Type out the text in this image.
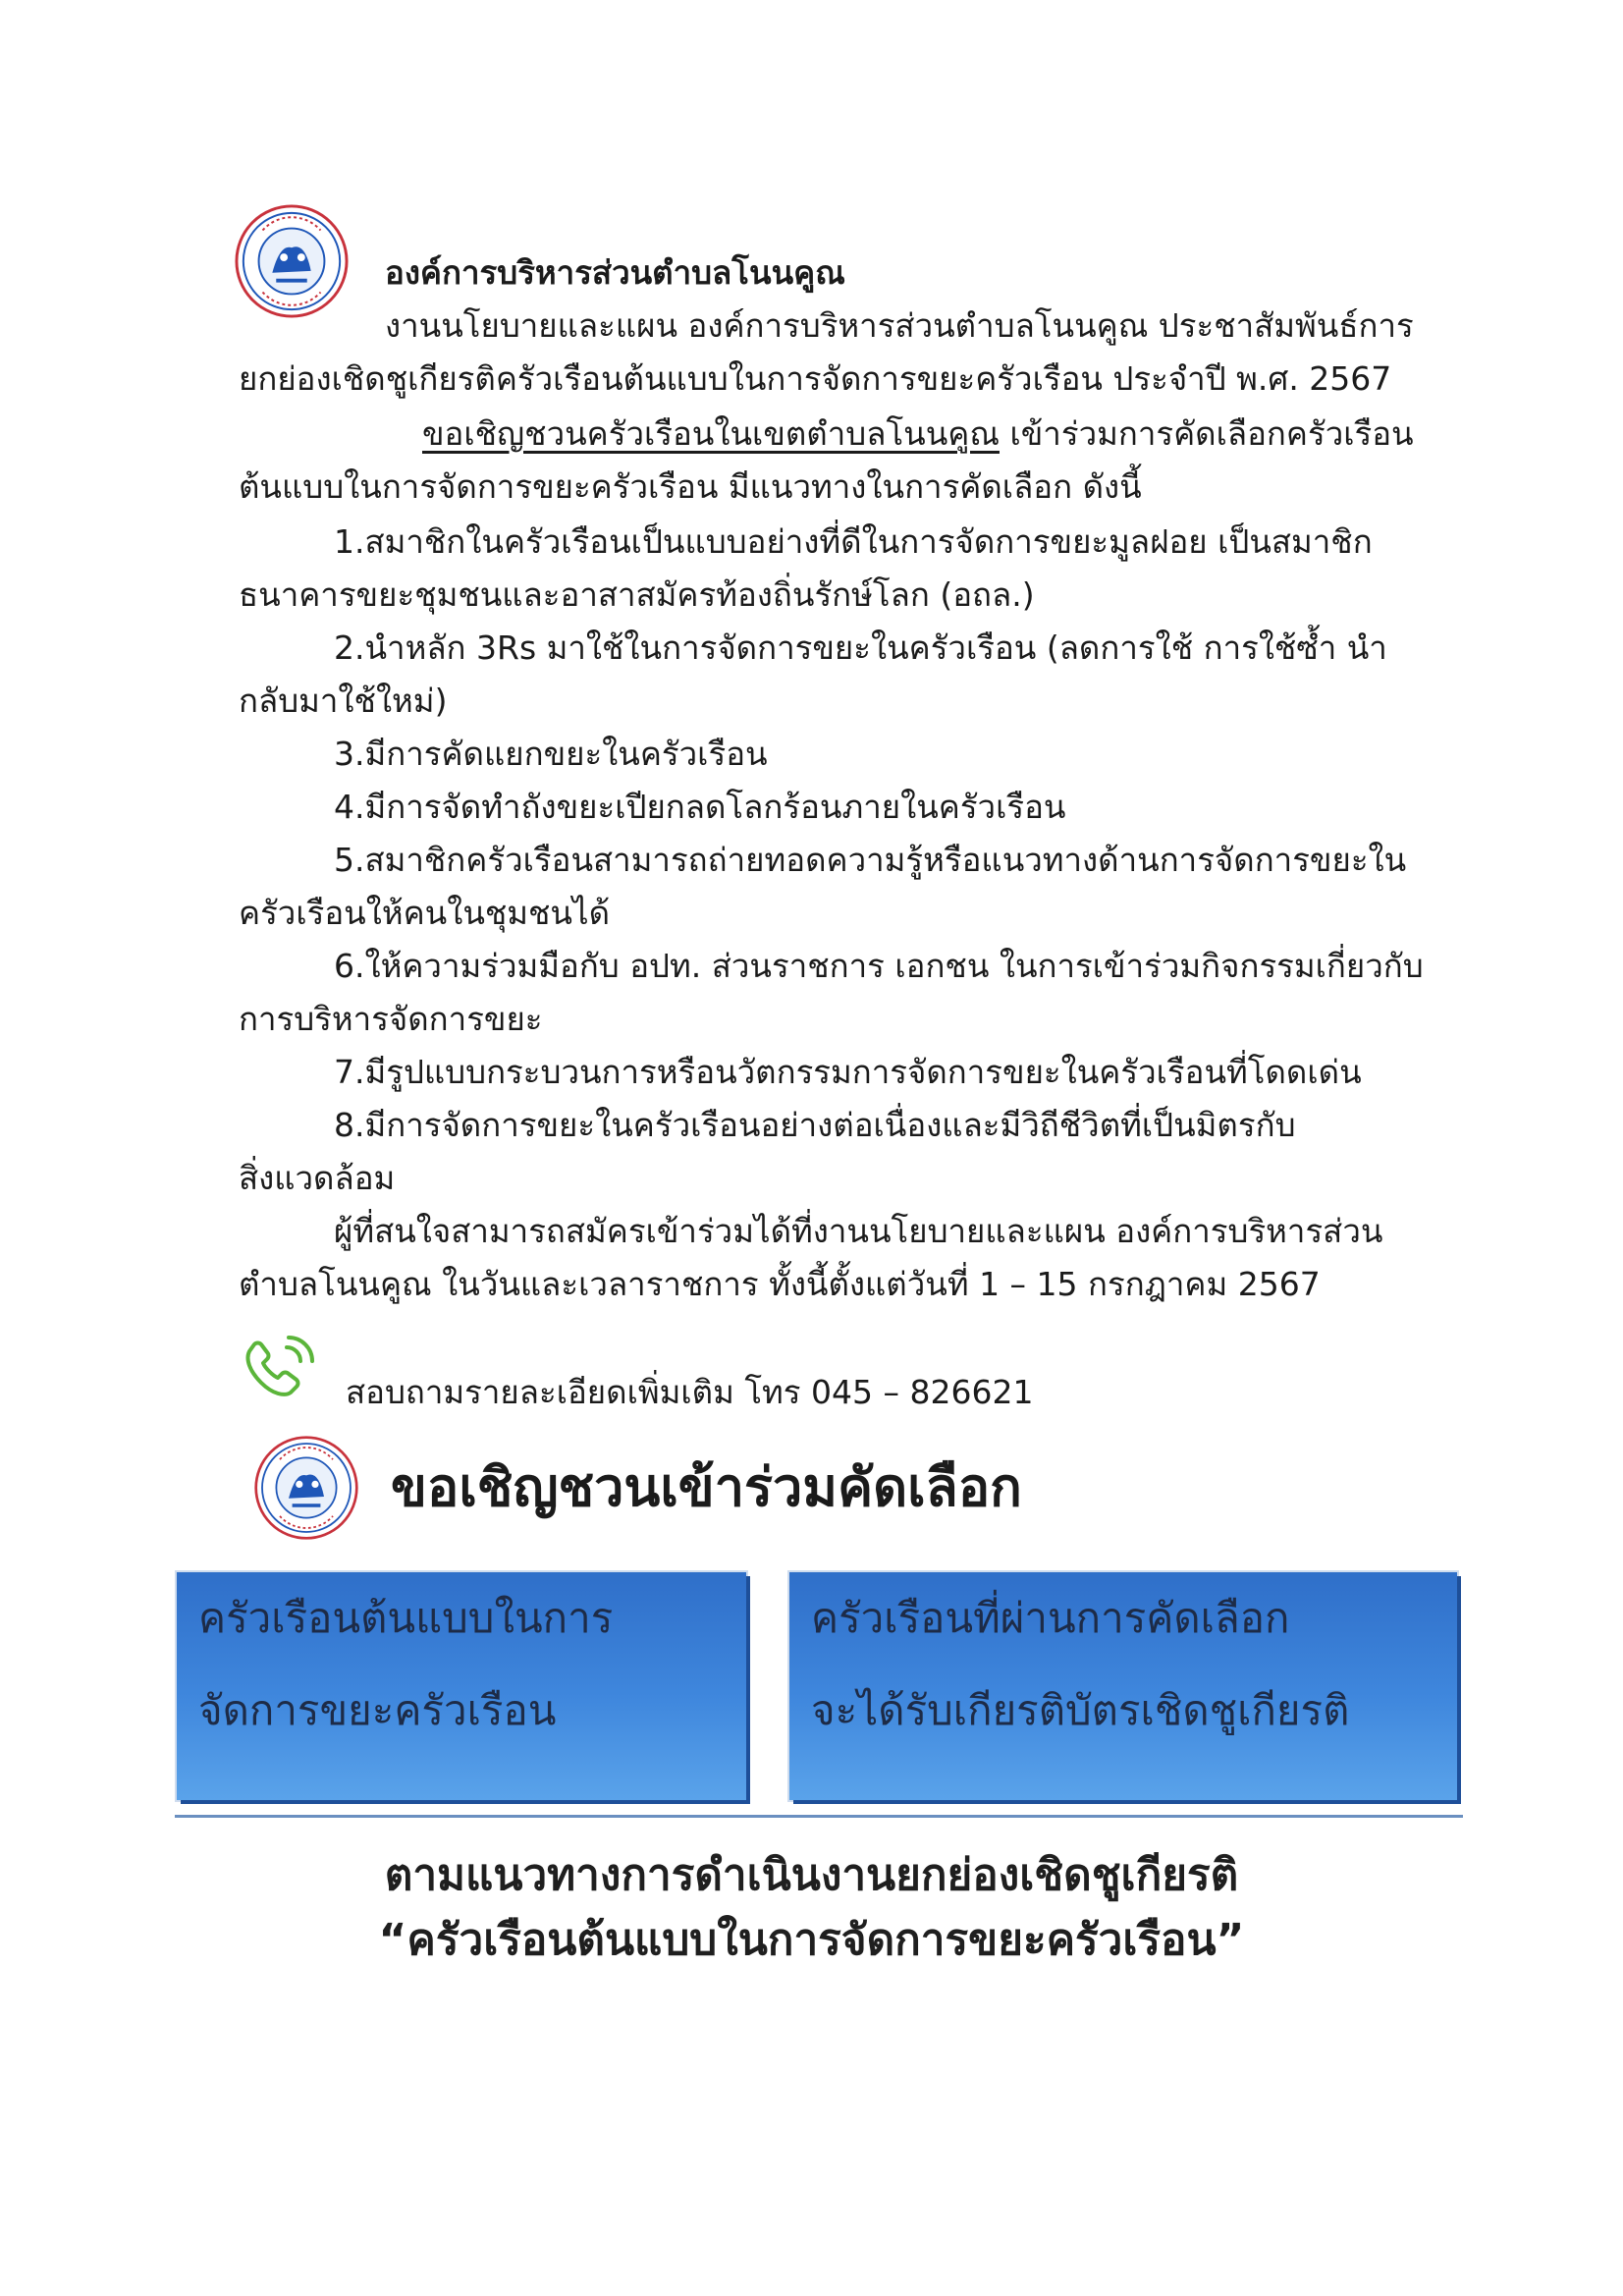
องค์การบริหารส่วนตำบลโนนคูณ
งานนโยบายและแผน องค์การบริหารส่วนตำบลโนนคูณ ประชาสัมพันธ์การ
ยกย่องเชิดชูเกียรติครัวเรือนต้นแบบในการจัดการขยะครัวเรือน ประจำปี พ.ศ. 2567
ขอเชิญชวนครัวเรือนในเขตตำบลโนนคูณ เข้าร่วมการคัดเลือกครัวเรือน
ต้นแบบในการจัดการขยะครัวเรือน มีแนวทางในการคัดเลือก ดังนี้
1.สมาชิกในครัวเรือนเป็นแบบอย่างที่ดีในการจัดการขยะมูลฝอย เป็นสมาชิก
ธนาคารขยะชุมชนและอาสาสมัครท้องถิ่นรักษ์โลก (อถล.)
2.นำหลัก 3Rs มาใช้ในการจัดการขยะในครัวเรือน (ลดการใช้ การใช้ซ้ำ นำ
กลับมาใช้ใหม่)
3.มีการคัดแยกขยะในครัวเรือน
4.มีการจัดทำถังขยะเปียกลดโลกร้อนภายในครัวเรือน
5.สมาชิกครัวเรือนสามารถถ่ายทอดความรู้หรือแนวทางด้านการจัดการขยะใน
ครัวเรือนให้คนในชุมชนได้
6.ให้ความร่วมมือกับ อปท. ส่วนราชการ เอกชน ในการเข้าร่วมกิจกรรมเกี่ยวกับ
การบริหารจัดการขยะ
7.มีรูปแบบกระบวนการหรือนวัตกรรมการจัดการขยะในครัวเรือนที่โดดเด่น
8.มีการจัดการขยะในครัวเรือนอย่างต่อเนื่องและมีวิถีชีวิตที่เป็นมิตรกับ
สิ่งแวดล้อม
ผู้ที่สนใจสามารถสมัครเข้าร่วมได้ที่งานนโยบายและแผน องค์การบริหารส่วน
ตำบลโนนคูณ ในวันและเวลาราชการ ทั้งนี้ตั้งแต่วันที่ 1 – 15 กรกฎาคม 2567
สอบถามรายละเอียดเพิ่มเติม โทร 045 – 826621
ขอเชิญชวนเข้าร่วมคัดเลือก
ครัวเรือนต้นแบบในการ
จัดการขยะครัวเรือน
ครัวเรือนที่ผ่านการคัดเลือก
จะได้รับเกียรติบัตรเชิดชูเกียรติ
ตามแนวทางการดำเนินงานยกย่องเชิดชูเกียรติ
“ครัวเรือนต้นแบบในการจัดการขยะครัวเรือน”
